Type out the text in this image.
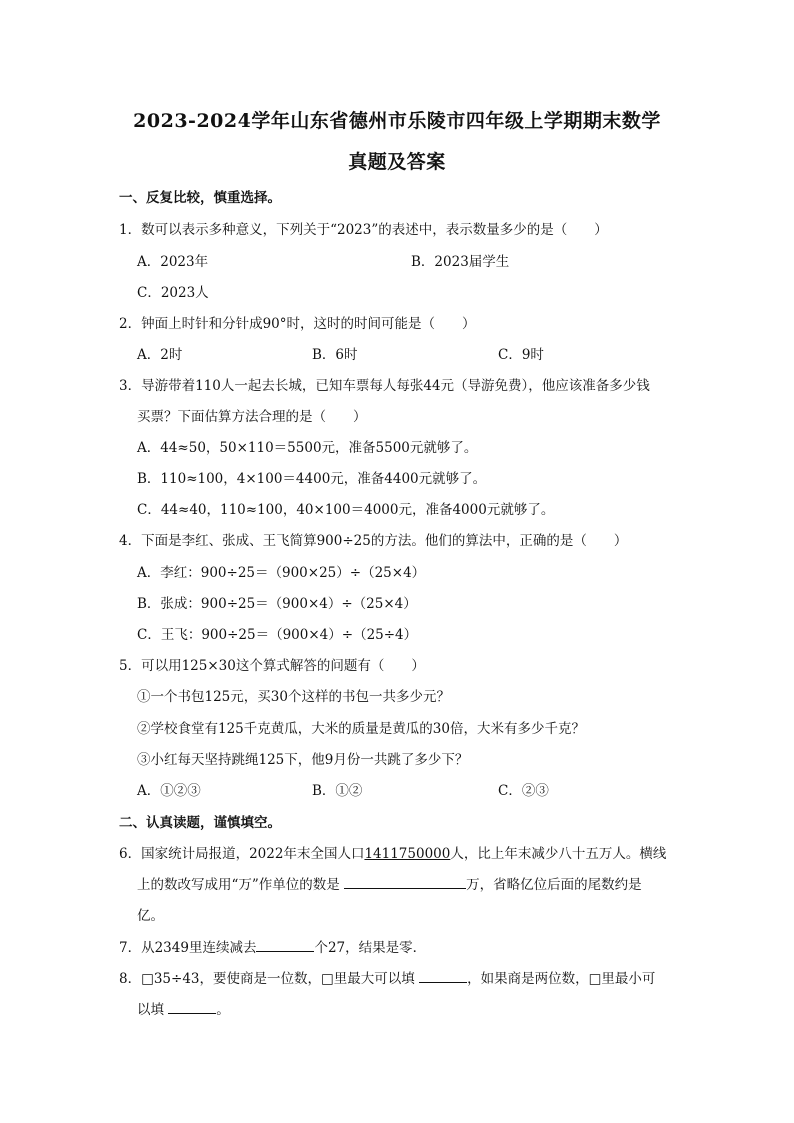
2023-2024学年山东省德州市乐陵市四年级上学期期末数学
真题及答案
一、反复比较，慎重选择。
1．数可以表示多种意义，下列关于“2023”的表述中，表示数量多少的是（　　）
A．2023年	B．2023届学生
C．2023人
2．钟面上时针和分针成90°时，这时的时间可能是（　　）
A．2时	B．6时	C．9时
3．导游带着110人一起去长城，已知车票每人每张44元（导游免费），他应该准备多少钱
买票？下面估算方法合理的是（　　）
A．44≈50，50×110＝5500元，准备5500元就够了。
B．110≈100，4×100＝4400元，准备4400元就够了。
C．44≈40，110≈100，40×100＝4000元，准备4000元就够了。
4．下面是李红、张成、王飞简算900÷25的方法。他们的算法中，正确的是（　　）
A．李红：900÷25＝（900×25）÷（25×4）
B．张成：900÷25＝（900×4）÷（25×4）
C．王飞：900÷25＝（900×4）÷（25÷4）
5．可以用125×30这个算式解答的问题有（　　）
①一个书包125元，买30个这样的书包一共多少元？
②学校食堂有125千克黄瓜，大米的质量是黄瓜的30倍，大米有多少千克？
③小红每天坚持跳绳125下，他9月份一共跳了多少下？
A．①②③	B．①②	C．②③
二、认真读题，谨慎填空。
6．国家统计局报道，2022年末全国人口1411750000人，比上年末减少八十五万人。横线
上的数改写成用“万”作单位的数是	万，省略亿位后面的尾数约是
亿。
7．从2349里连续减去	个27，结果是零．
8．□35÷43，要使商是一位数，□里最大可以填	，如果商是两位数，□里最小可
以填	。
